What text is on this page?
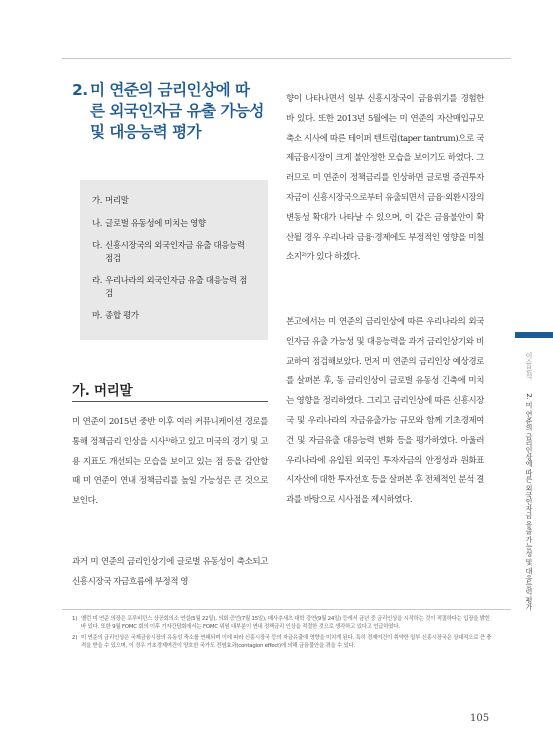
2. 미 연준의 금리인상에 따
른 외국인자금 유출 가능성 및 대응능력 평가
가. 머리말
나. 글로벌 유동성에 미치는 영향
다. 신흥시장국의 외국인자금 유출 대응능력 점검
라. 우리나라의 외국인자금 유출 대응능력 점검
마. 종합 평가
가. 머리말

미 연준이 2015년 중반 이후 여러 커뮤니케이션 경로를 통해 정책금리 인상을 시사¹⁾하고 있고 미국의 경기 및 고용 지표도 개선되는 모습을 보이고 있는 점 등을 감안할 때 미 연준이 연내 정책금리를 높일 가능성은 큰 것으로 보인다.

과거 미 연준의 금리인상기에 글로벌 유동성이 축소되고 신흥시장국 자금흐름에 부정적 영

향이 나타나면서 일부 신흥시장국이 금융위기를 경험한 바 있다. 또한 2013년 5월에는 미 연준의 자산매입규모 축소 시사에 따른 테이퍼 텐트럼(taper tantrum)으로 국제금융시장이 크게 불안정한 모습을 보이기도 하였다. 그러므로 미 연준이 정책금리를 인상하면 글로벌 증권투자자금이 신흥시장국으로부터 유출되면서 금융·외환시장의 변동성 확대가 나타날 수 있으며, 이 같은 금융불안이 확산될 경우 우리나라 금융·경제에도 부정적인 영향을 미칠 소지²⁾가 있다 하겠다.

본고에서는 미 연준의 금리인상에 따른 우리나라의 외국인자금 유출 가능성 및 대응능력을 과거 금리인상기와 비교하여 점검해보았다. 먼저 미 연준의 금리인상 예상경로를 살펴본 후, 동 금리인상이 글로벌 유동성 긴축에 미치는 영향을 정리하였다. 그리고 금리인상에 따른 신흥시장국 및 우리나라의 자금유출가능 규모와 함께 기초경제여건 및 자금유출 대응능력 변화 등을 평가하였다. 아울러 우리나라에 유입된 외국인 투자자금의 안정성과 원화표시자산에 대한 투자선호 등을 살펴본 후 전체적인 분석 결과를 바탕으로 시사점을 제시하였다.

1) 옐런 미 연준 의장은 프루비던스 상공회의소 연설(5월 22일), 의회 증언(7월 15일), 매사추세츠 대학 강연(9월 24일) 등에서 금년 중 금리인상을 시작하는 것이 적절하다는 입장을 밝힌 바 있다. 또한 9월 FOMC 회의 이후 기자간담회에서는 FOMC 위원 대부분이 연내 정책금리 인상을 적절한 것으로 생각하고 있다고 언급하였다.
2) 미 연준의 금리인상은 국제금융시장의 유동성 축소를 연쇄되며 이에 따라 신흥시장국 등의 자금유출에 영향을 미치게 된다. 특히 경제여건이 취약한 일부 신흥시장국은 상대적으로 큰 충격을 받을 수 있으며, 이 경우 기초경제여건이 양호한 국가도 전염효과(contagion effect)에 의해 금융불안을 겪을 수 있다.

105

이슈분석2. 미 연준의 금리인상에 따른 외국인자금 유출 가능성 및 대응능력 평가
